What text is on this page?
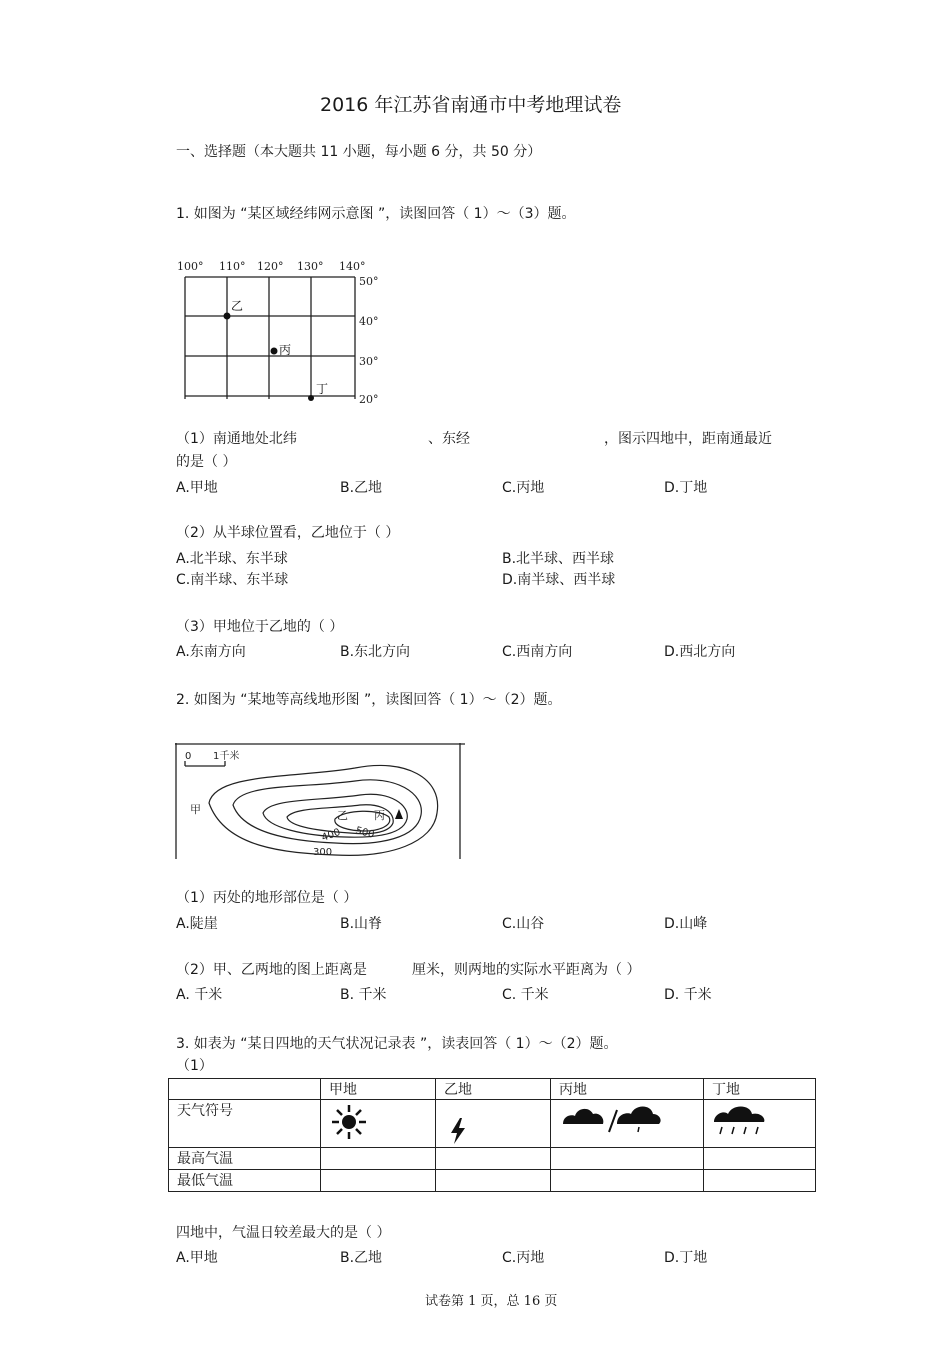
2016 年江苏省南通市中考地理试卷
一、选择题（本大题共 11 小题，每小题 6 分，共 50 分）
1. 如图为 “某区域经纬网示意图 ”，读图回答（ 1）～（3）题。
100° 110° 120° 130° 140°
50°
40°
30°
20°
乙
丙
丁
（1）南通地处北纬	、东经	，图示四地中，距南通最近
的是（ ）
A.甲地	B.乙地	C.丙地	D.丁地
（2）从半球位置看，乙地位于（ ）
A.北半球、东半球	B.北半球、西半球
C.南半球、东半球	D.南半球、西半球
（3）甲地位于乙地的（ ）
A.东南方向	B.东北方向	C.西南方向	D.西北方向
2. 如图为 “某地等高线地形图 ”，读图回答（ 1）～（2）题。
0 1千米
甲	乙 丙
500
400
300
（1）丙处的地形部位是（ ）
A.陡崖	B.山脊	C.山谷	D.山峰
（2）甲、乙两地的图上距离是	厘米，则两地的实际水平距离为（ ）
A. 千米	B. 千米	C. 千米	D. 千米
3. 如表为 “某日四地的天气状况记录表 ”，读表回答（ 1）～（2）题。
（1）
	甲地	乙地	丙地	丁地
天气符号	

最高气温				
最低气温				
四地中，气温日较差最大的是（ ）
A.甲地	B.乙地	C.丙地	D.丁地
试卷第 1 页，总 16 页
